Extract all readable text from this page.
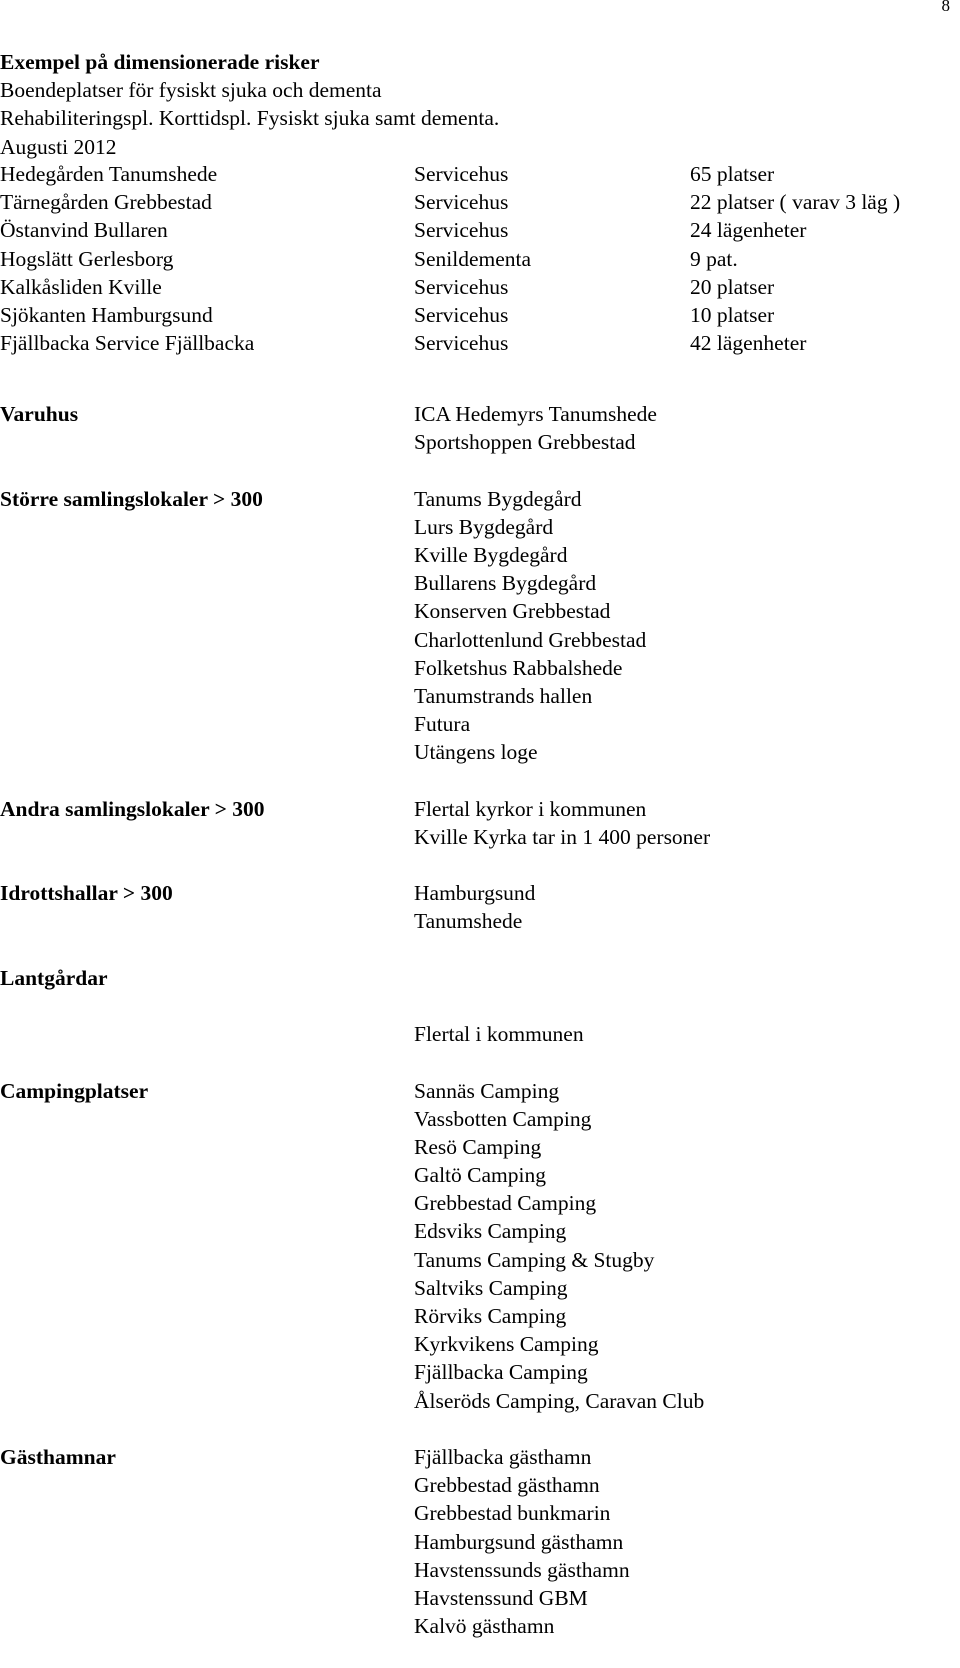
8
Exempel på dimensionerade risker
Boendeplatser för fysiskt sjuka och dementa
Rehabiliteringspl. Korttidspl. Fysiskt sjuka samt dementa.
Augusti 2012
Hedegården Tanumshede	Servicehus	65 platser
Tärnegården Grebbestad	Servicehus	22 platser ( varav 3 läg )
Östanvind Bullaren	Servicehus	24 lägenheter
Hogslätt Gerlesborg	Senildementa	9 pat.
Kalkåsliden Kville	Servicehus	20 platser
Sjökanten Hamburgsund	Servicehus	10 platser
Fjällbacka Service Fjällbacka	Servicehus	42 lägenheter
Varuhus	ICA Hedemyrs Tanumshede
Sportshoppen Grebbestad
Större samlingslokaler > 300	Tanums Bygdegård
Lurs Bygdegård
Kville Bygdegård
Bullarens Bygdegård
Konserven Grebbestad
Charlottenlund Grebbestad
Folketshus Rabbalshede
Tanumstrands hallen
Futura
Utängens loge
Andra samlingslokaler > 300	Flertal kyrkor i kommunen
Kville Kyrka tar in 1 400 personer
Idrottshallar > 300	Hamburgsund
Tanumshede
Lantgårdar
Flertal i kommunen
Campingplatser	Sannäs Camping
Vassbotten Camping
Resö Camping
Galtö Camping
Grebbestad Camping
Edsviks Camping
Tanums Camping & Stugby
Saltviks Camping
Rörviks Camping
Kyrkvikens Camping
Fjällbacka Camping
Ålseröds Camping, Caravan Club
Gästhamnar	Fjällbacka gästhamn
Grebbestad gästhamn
Grebbestad bunkmarin
Hamburgsund gästhamn
Havstenssunds gästhamn
Havstenssund GBM
Kalvö gästhamn
